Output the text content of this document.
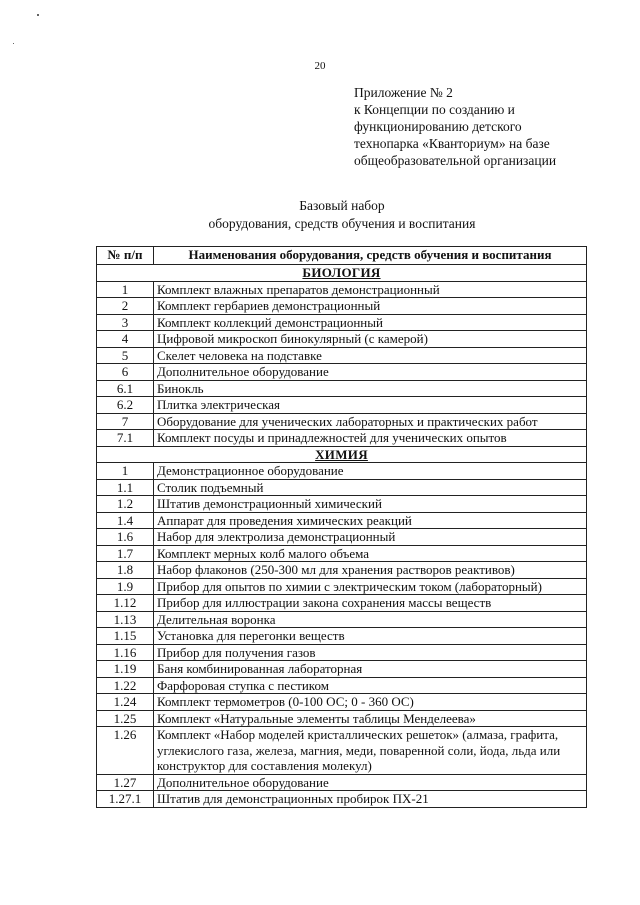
20
Приложение № 2
к Концепции по созданию и
функционированию детского
технопарка «Кванториум» на базе
общеобразовательной организации
Базовый набор
оборудования, средств обучения и воспитания
№ п/п	Наименования оборудования, средств обучения и воспитания
БИОЛОГИЯ	
1	Комплект влажных препаратов демонстрационный
2	Комплект гербариев демонстрационный
3	Комплект коллекций демонстрационный
4	Цифровой микроскоп бинокулярный (с камерой)
5	Скелет человека на подставке
6	Дополнительное оборудование
6.1	Бинокль
6.2	Плитка электрическая
7	Оборудование для ученических лабораторных и практических работ
7.1	Комплект посуды и принадлежностей для ученических опытов
ХИМИЯ	
1	Демонстрационное оборудование
1.1	Столик подъемный
1.2	Штатив демонстрационный химический
1.4	Аппарат для проведения химических реакций
1.6	Набор для электролиза демонстрационный
1.7	Комплект мерных колб малого объема
1.8	Набор флаконов (250-300 мл для хранения растворов реактивов)
1.9	Прибор для опытов по химии с электрическим током (лабораторный)
1.12	Прибор для иллюстрации закона сохранения массы веществ
1.13	Делительная воронка
1.15	Установка для перегонки веществ
1.16	Прибор для получения газов
1.19	Баня комбинированная лабораторная
1.22	Фарфоровая ступка с пестиком
1.24	Комплект термометров (0-100 ОС; 0 - 360 ОС)
1.25	Комплект «Натуральные элементы таблицы Менделеева»
1.26	Комплект «Набор моделей кристаллических решеток» (алмаза, графита, углекислого газа, железа, магния, меди, поваренной соли, йода, льда или конструктор для составления молекул)
1.27	Дополнительное оборудование
1.27.1	Штатив для демонстрационных пробирок ПХ-21
